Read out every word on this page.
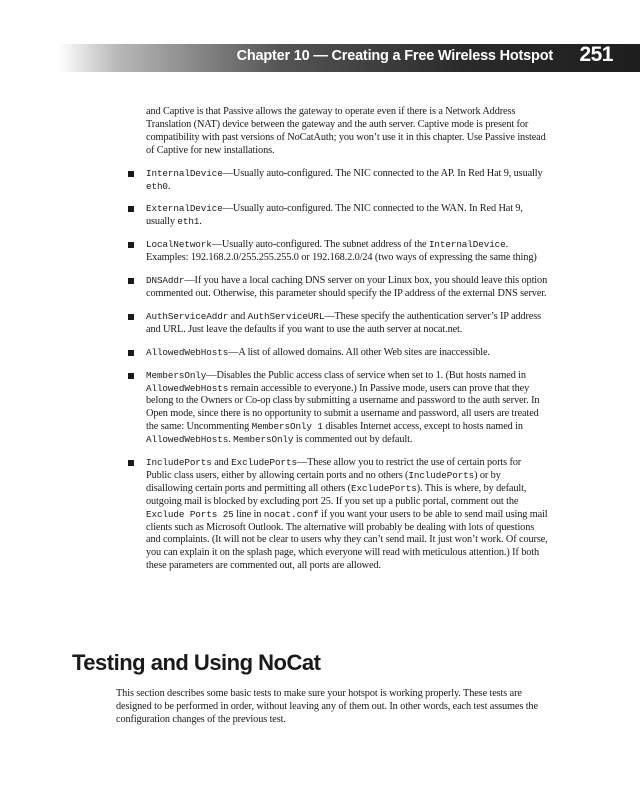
Chapter 10 — Creating a Free Wireless Hotspot 251

and Captive is that Passive allows the gateway to operate even if there is a Network Address Translation (NAT) device between the gateway and the auth server. Captive mode is present for compatibility with past versions of NoCatAuth; you won’t use it in this chapter. Use Passive instead of Captive for new installations.

InternalDevice—Usually auto-configured. The NIC connected to the AP. In Red Hat 9, usually eth0.
ExternalDevice—Usually auto-configured. The NIC connected to the WAN. In Red Hat 9, usually eth1.
LocalNetwork—Usually auto-configured. The subnet address of the InternalDevice. Examples: 192.168.2.0/255.255.255.0 or 192.168.2.0/24 (two ways of expressing the same thing)
DNSAddr—If you have a local caching DNS server on your Linux box, you should leave this option commented out. Otherwise, this parameter should specify the IP address of the external DNS server.
AuthServiceAddr and AuthServiceURL—These specify the authentication server’s IP address and URL. Just leave the defaults if you want to use the auth server at nocat.net.
AllowedWebHosts—A list of allowed domains. All other Web sites are inaccessible.
MembersOnly—Disables the Public access class of service when set to 1. (But hosts named in AllowedWebHosts remain accessible to everyone.) In Passive mode, users can prove that they belong to the Owners or Co-op class by submitting a username and password to the auth server. In Open mode, since there is no opportunity to submit a username and password, all users are treated the same: Uncommenting MembersOnly 1 disables Internet access, except to hosts named in AllowedWebHosts. MembersOnly is commented out by default.
IncludePorts and ExcludePorts—These allow you to restrict the use of certain ports for Public class users, either by allowing certain ports and no others (IncludePorts) or by disallowing certain ports and permitting all others (ExcludePorts). This is where, by default, outgoing mail is blocked by excluding port 25. If you set up a public portal, comment out the Exclude Ports 25 line in nocat.conf if you want your users to be able to send mail using mail clients such as Microsoft Outlook. The alternative will probably be dealing with lots of questions and complaints. (It will not be clear to users why they can’t send mail. It just won’t work. Of course, you can explain it on the splash page, which everyone will read with meticulous attention.) If both these parameters are commented out, all ports are allowed.
Testing and Using NoCat

This section describes some basic tests to make sure your hotspot is working properly. These tests are designed to be performed in order, without leaving any of them out. In other words, each test assumes the configuration changes of the previous test.
